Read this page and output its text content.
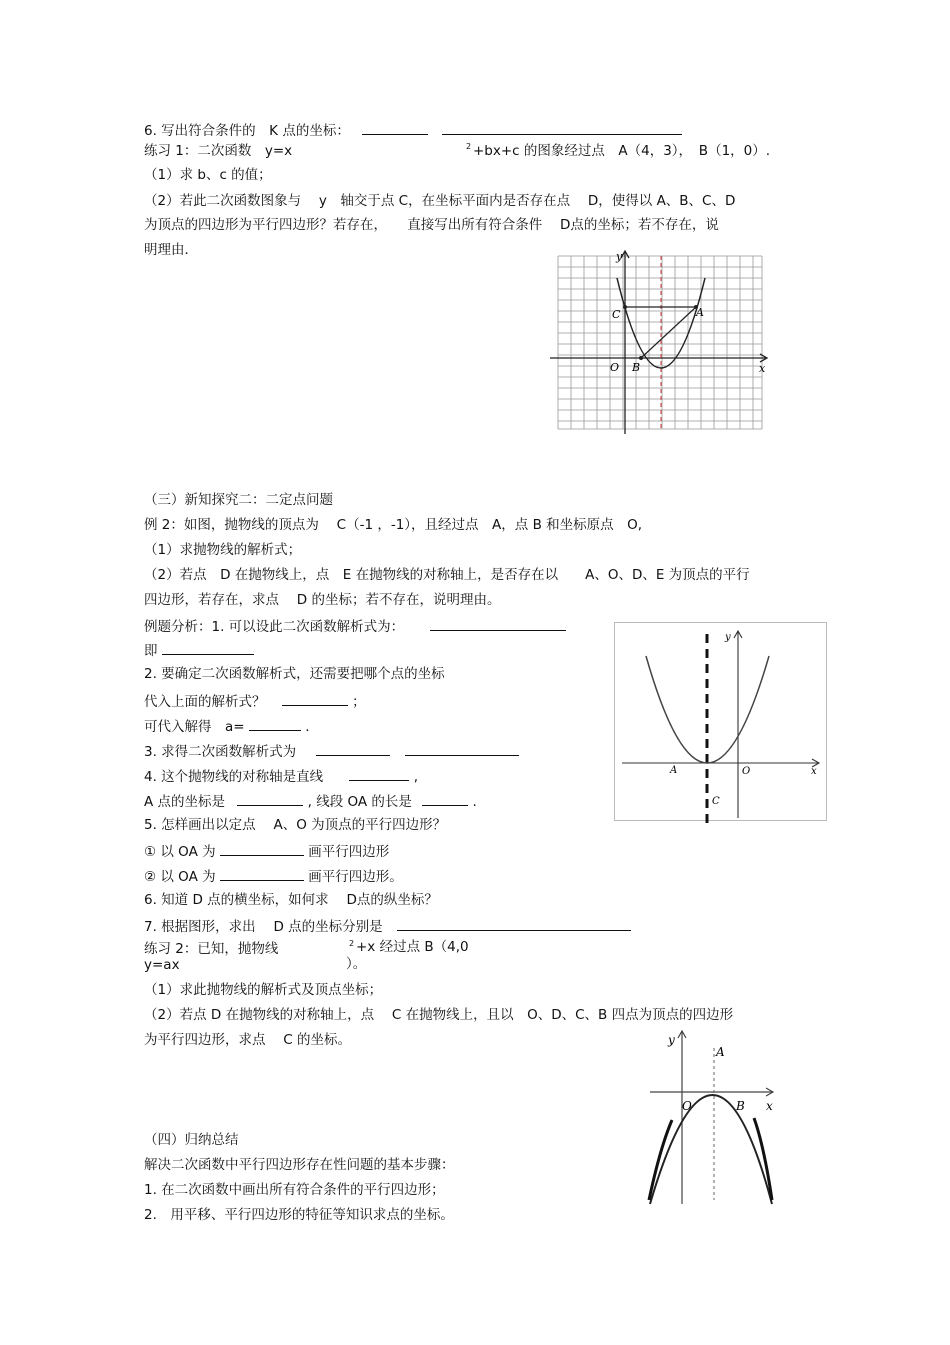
6. 写出符合条件的　K 点的坐标：
练习 1：二次函数　y=x	2 +bx+c 的图象经过点　A（4，3），　B（1，0）.
（1）求 b、c 的值；
（2）若此二次函数图象与　 y　轴交于点 C，在坐标平面内是否存在点　 D，使得以 A、B、C、D
为顶点的四边形为平行四边形？若存在，　　直接写出所有符合条件　 D点的坐标；若不存在，说
明理由．
C	A
O B	x
y
（三）新知探究二：二定点问题
例 2：如图，抛物线的顶点为　 C（-1 ，-1），且经过点　A，点 B 和坐标原点　O,
（1）求抛物线的解析式；
（2）若点　D 在抛物线上，点　E 在抛物线的对称轴上，是否存在以　　A、O、D、E 为顶点的平行
四边形，若存在，求点　 D 的坐标；若不存在，说明理由。
例题分析：1. 可以设此二次函数解析式为：
即
2. 要确定二次函数解析式，还需要把哪个点的坐标
代入上面的解析式？	；
可代入解得　a=	.
3. 求得二次函数解析式为
4. 这个抛物线的对称轴是直线	,
A 点的坐标是	, 线段 OA 的长是	.
5. 怎样画出以定点　 A、O 为顶点的平行四边形？
① 以 OA 为	画平行四边形
② 以 OA 为	画平行四边形。
6. 知道 D 点的横坐标，如何求　 D点的纵坐标？
7. 根据图形，求出　 D 点的坐标分别是
y
A	O
C
x
练习 2：已知，抛物线
y=ax
2 +x 经过点 B（4,0
）。
（1）求此抛物线的解析式及顶点坐标；
（2）若点 D 在抛物线的对称轴上，点　 C 在抛物线上，且以　O、D、C、B 四点为顶点的四边形
为平行四边形，求点　 C 的坐标。	y
A
O	B x
（四）归纳总结
解决二次函数中平行四边形存在性问题的基本步骤：
1. 在二次函数中画出所有符合条件的平行四边形；
2.　用平移、平行四边形的特征等知识求点的坐标。
